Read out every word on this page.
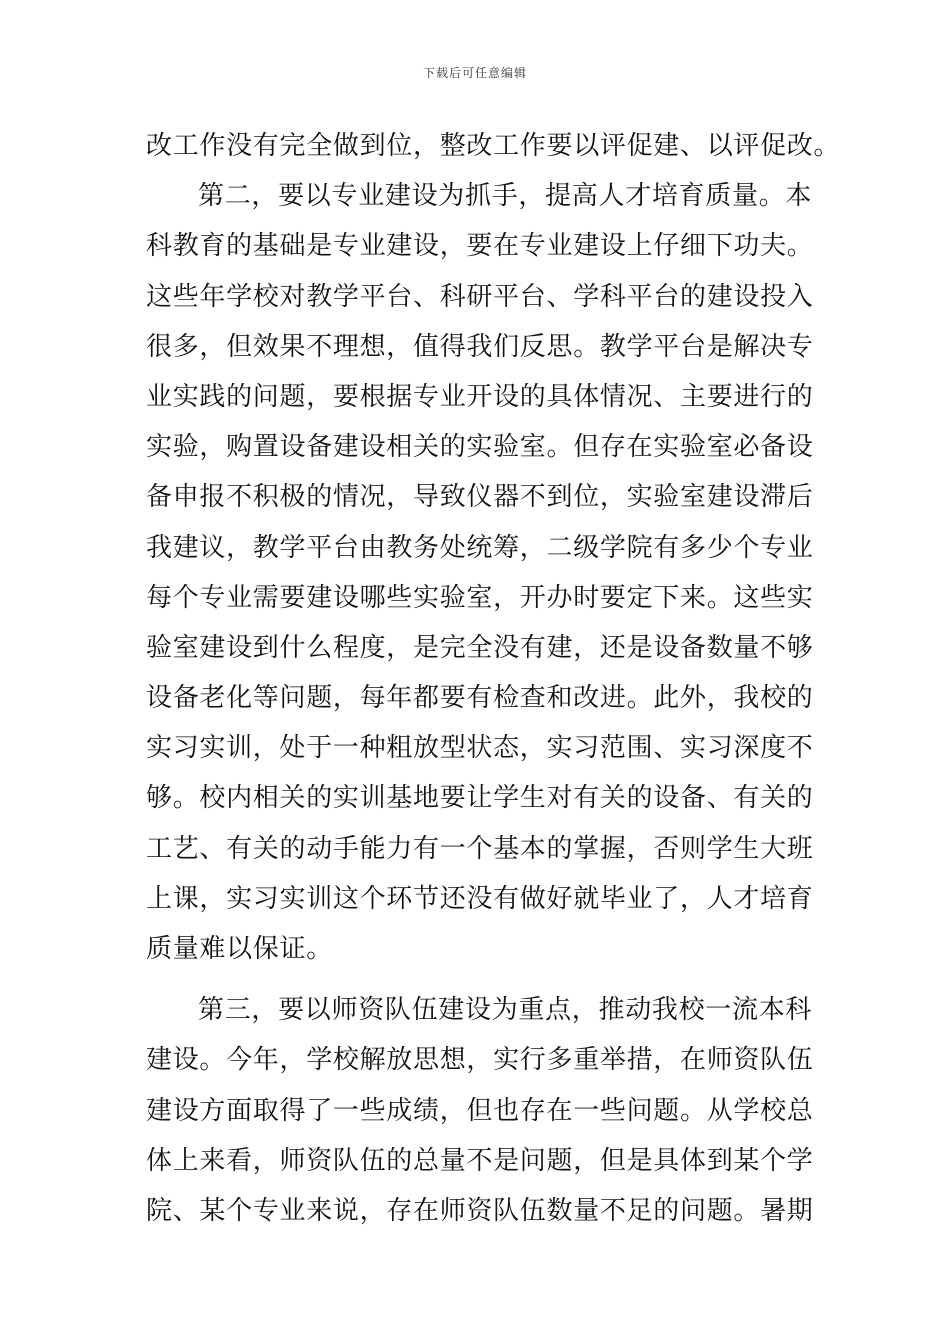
下载后可任意编辑
改工作没有完全做到位，整改工作要以评促建、以评促改。
第二，要以专业建设为抓手，提高人才培育质量。本
科教育的基础是专业建设，要在专业建设上仔细下功夫。
这些年学校对教学平台、科研平台、学科平台的建设投入
很多，但效果不理想，值得我们反思。教学平台是解决专
业实践的问题，要根据专业开设的具体情况、主要进行的
实验，购置设备建设相关的实验室。但存在实验室必备设
备申报不积极的情况，导致仪器不到位，实验室建设滞后
我建议，教学平台由教务处统筹，二级学院有多少个专业
每个专业需要建设哪些实验室，开办时要定下来。这些实
验室建设到什么程度，是完全没有建，还是设备数量不够
设备老化等问题，每年都要有检查和改进。此外，我校的
实习实训，处于一种粗放型状态，实习范围、实习深度不
够。校内相关的实训基地要让学生对有关的设备、有关的
工艺、有关的动手能力有一个基本的掌握，否则学生大班
上课，实习实训这个环节还没有做好就毕业了，人才培育
质量难以保证。
第三，要以师资队伍建设为重点，推动我校一流本科
建设。今年，学校解放思想，实行多重举措，在师资队伍
建设方面取得了一些成绩，但也存在一些问题。从学校总
体上来看，师资队伍的总量不是问题，但是具体到某个学
院、某个专业来说，存在师资队伍数量不足的问题。暑期
